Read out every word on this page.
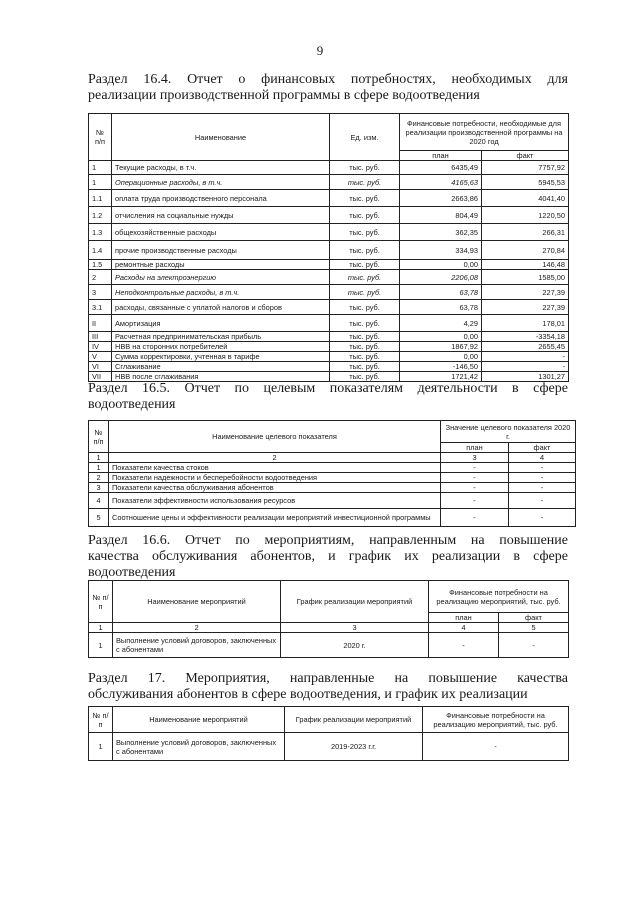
9
Раздел 16.4. Отчет о финансовых потребностях, необходимых для
реализации производственной программы в сфере водоотведения
№ п/п	Наименование	Ед. изм.	Финансовые потребности, необходимые для реализации производственной программы на 2020 год	
			план	факт
1	Текущие расходы, в т.ч.	тыс. руб.	6435,49	7757,92
1	Операционные расходы, в т.ч.	тыс. руб.	4165,63	5945,53
1.1	оплата труда производственного персонала	тыс. руб.	2663,86	4041,40
1.2	отчисления на социальные нужды	тыс. руб.	804,49	1220,50
1.3	общехозяйственные расходы	тыс. руб.	362,35	266,31
1.4	прочие производственные расходы	тыс. руб.	334,93	270,84
1.5	ремонтные расходы	тыс. руб.	0,00	146,48
2	Расходы на электроэнергию	тыс. руб.	2206,08	1585,00
3	Неподконтрольные расходы, в т.ч.	тыс. руб.	63,78	227,39
3.1	расходы, связанные с уплатой налогов и сборов	тыс. руб.	63,78	227,39
II	Амортизация	тыс. руб.	4,29	178,01
III	Расчетная предпринимательская прибыль	тыс. руб.	0,00	-3354,18
IV	НВВ на сторонних потребителей	тыс. руб.	1867,92	2655,45
V	Сумма корректировки, учтенная в тарифе	тыс. руб.	0,00	-
VI	Сглаживание	тыс. руб.	-146,50	-
VII	НВВ после сглаживания	тыс. руб.	1721,42	1301,27
Раздел 16.5. Отчет по целевым показателям деятельности в сфере
водоотведения
№ п/п	Наименование целевого показателя	Значение целевого показателя 2020 г.	
		план	факт
1	2	3	4
1	Показатели качества стоков	-	-
2	Показатели надежности и бесперебойности водоотведения	-	-
3	Показатели качества обслуживания абонентов	-	-
4	Показатели эффективности использования ресурсов	-	-
5	Соотношение цены и эффективности реализации мероприятий инвестиционной программы	-	-
Раздел 16.6. Отчет по мероприятиям, направленным на повышение
качества обслуживания абонентов, и график их реализации в сфере
водоотведения
№ п/п	Наименование мероприятий	График реализации мероприятий	Финансовые потребности на реализацию мероприятий, тыс. руб.	
			план	факт
1	2	3	4	5
1	Выполнение условий договоров, заключенных с абонентами	2020 г.	-	-
Раздел 17. Мероприятия, направленные на повышение качества
обслуживания абонентов в сфере водоотведения, и график их реализации
№ п/п	Наименование мероприятий	График реализации мероприятий	Финансовые потребности на реализацию мероприятий, тыс. руб.
1	Выполнение условий договоров, заключенных с абонентами	2019-2023 г.г.	-
